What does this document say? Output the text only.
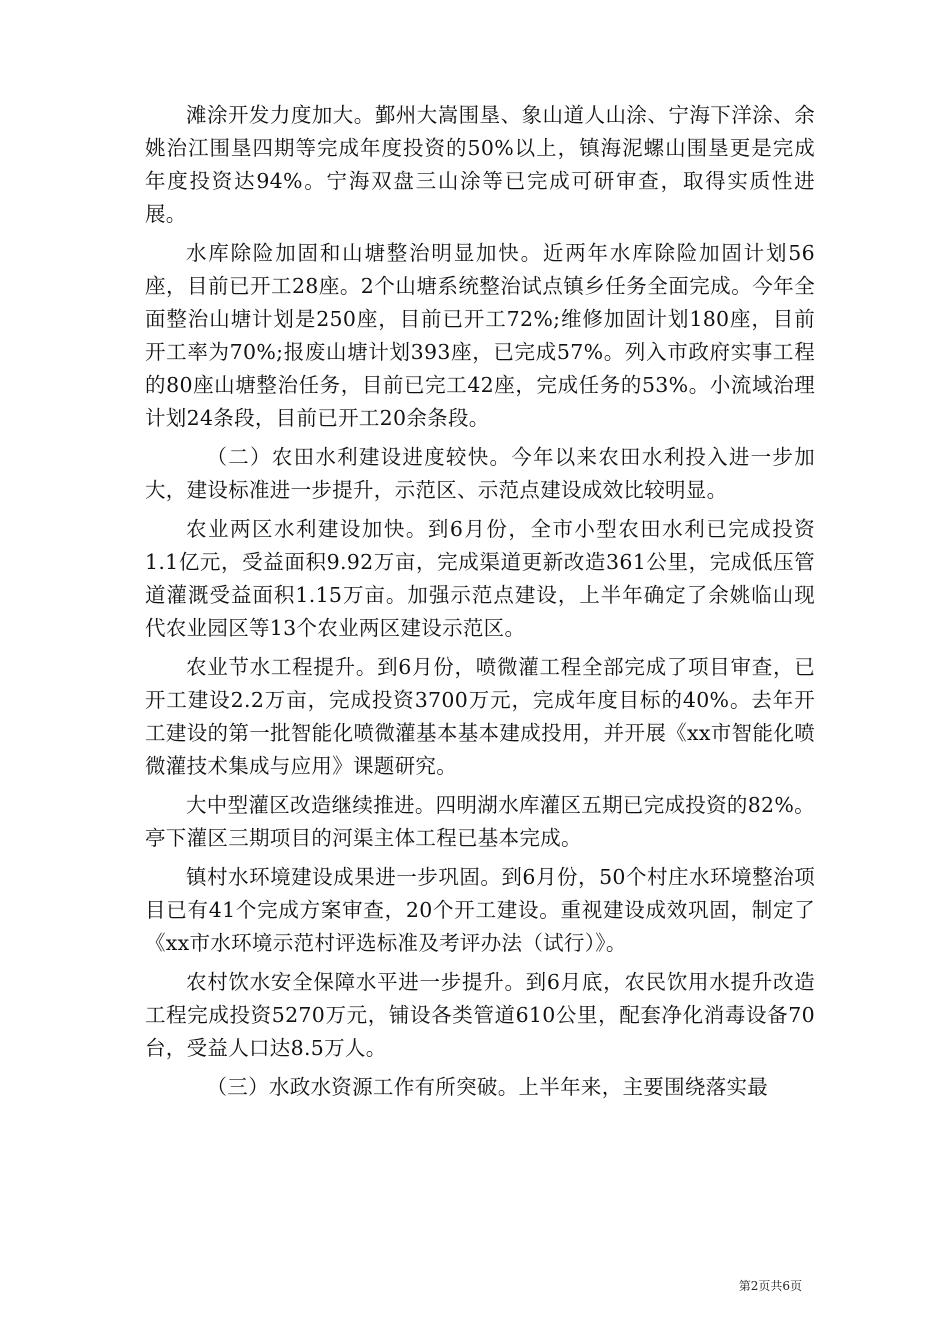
滩涂开发力度加大。鄞州大嵩围垦、象山道人山涂、宁海下洋涂、余姚治江围垦四期等完成年度投资的50%以上，镇海泥螺山围垦更是完成年度投资达94%。宁海双盘三山涂等已完成可研审查，取得实质性进展。

水库除险加固和山塘整治明显加快。近两年水库除险加固计划56座，目前已开工28座。2个山塘系统整治试点镇乡任务全面完成。今年全面整治山塘计划是250座，目前已开工72%;维修加固计划180座，目前开工率为70%;报废山塘计划393座，已完成57%。列入市政府实事工程的80座山塘整治任务，目前已完工42座，完成任务的53%。小流域治理计划24条段，目前已开工20余条段。

（二）农田水利建设进度较快。今年以来农田水利投入进一步加大，建设标准进一步提升，示范区、示范点建设成效比较明显。

农业两区水利建设加快。到6月份，全市小型农田水利已完成投资1.1亿元，受益面积9.92万亩，完成渠道更新改造361公里，完成低压管道灌溉受益面积1.15万亩。加强示范点建设，上半年确定了余姚临山现代农业园区等13个农业两区建设示范区。

农业节水工程提升。到6月份，喷微灌工程全部完成了项目审查，已开工建设2.2万亩，完成投资3700万元，完成年度目标的40%。去年开工建设的第一批智能化喷微灌基本基本建成投用，并开展《xx市智能化喷微灌技术集成与应用》课题研究。

大中型灌区改造继续推进。四明湖水库灌区五期已完成投资的82%。亭下灌区三期项目的河渠主体工程已基本完成。

镇村水环境建设成果进一步巩固。到6月份，50个村庄水环境整治项目已有41个完成方案审查，20个开工建设。重视建设成效巩固，制定了《xx市水环境示范村评选标准及考评办法（试行）》。

农村饮水安全保障水平进一步提升。到6月底，农民饮用水提升改造工程完成投资5270万元，铺设各类管道610公里，配套净化消毒设备70台，受益人口达8.5万人。

（三）水政水资源工作有所突破。上半年来，主要围绕落实最

第2页共6页
